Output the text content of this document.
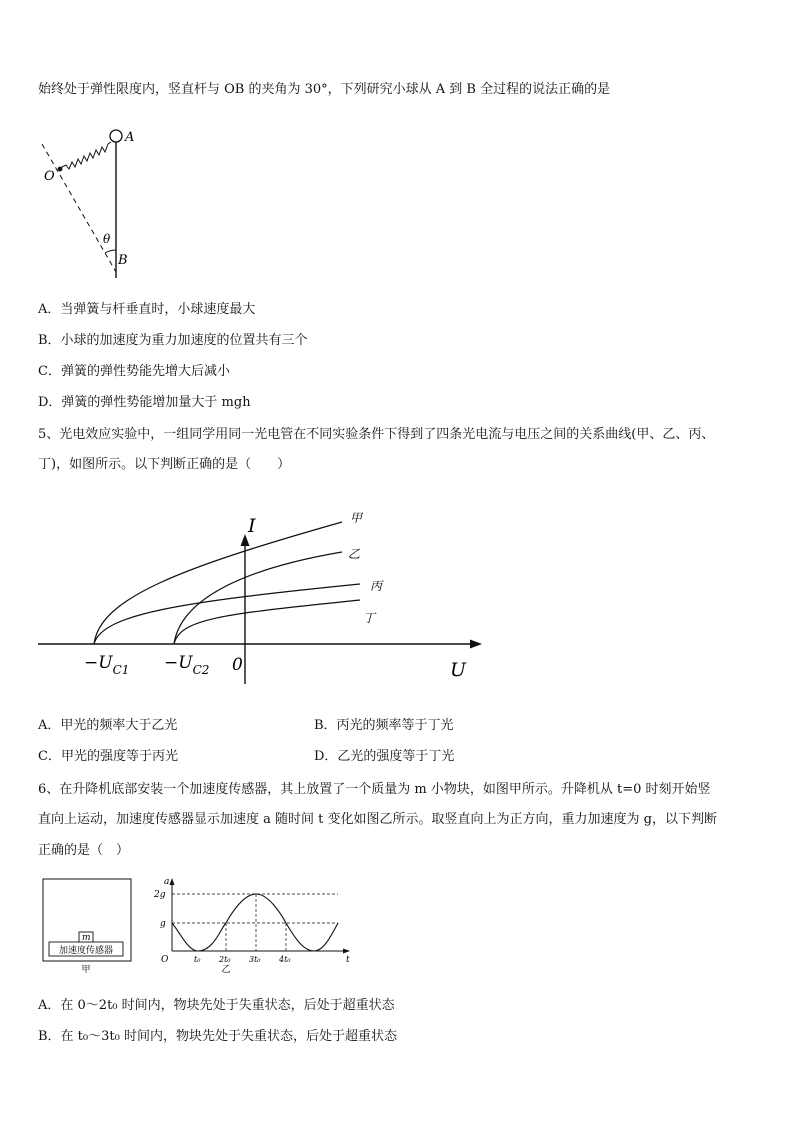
始终处于弹性限度内，竖直杆与 OB 的夹角为 30°，下列研究小球从 A 到 B 全过程的说法正确的是
A
O
θ
B
A．当弹簧与杆垂直时，小球速度最大
B．小球的加速度为重力加速度的位置共有三个
C．弹簧的弹性势能先增大后减小
D．弹簧的弹性势能增加量大于 mgh
5、光电效应实验中，一组同学用同一光电管在不同实验条件下得到了四条光电流与电压之间的关系曲线(甲、乙、丙、
丁)，如图所示。以下判断正确的是（　　）
甲
乙
丙
丁
I
U
0
$-U_{C1} -U_{C2}$
A．甲光的频率大于乙光	B．丙光的频率等于丁光
C．甲光的强度等于丙光	D．乙光的强度等于丁光
6、在升降机底部安装一个加速度传感器，其上放置了一个质量为 m 小物块，如图甲所示。升降机从 t=0 时刻开始竖
直向上运动，加速度传感器显示加速度 a 随时间 t 变化如图乙所示。取竖直向上为正方向，重力加速度为 g，以下判断
正确的是（　）
m
加速度传感器
甲
a
2g
g
O	t₀ 2t₀ 3t₀ 4t₀	t
乙
A．在 0～2t₀ 时间内，物块先处于失重状态，后处于超重状态
B．在 t₀～3t₀ 时间内，物块先处于失重状态，后处于超重状态
